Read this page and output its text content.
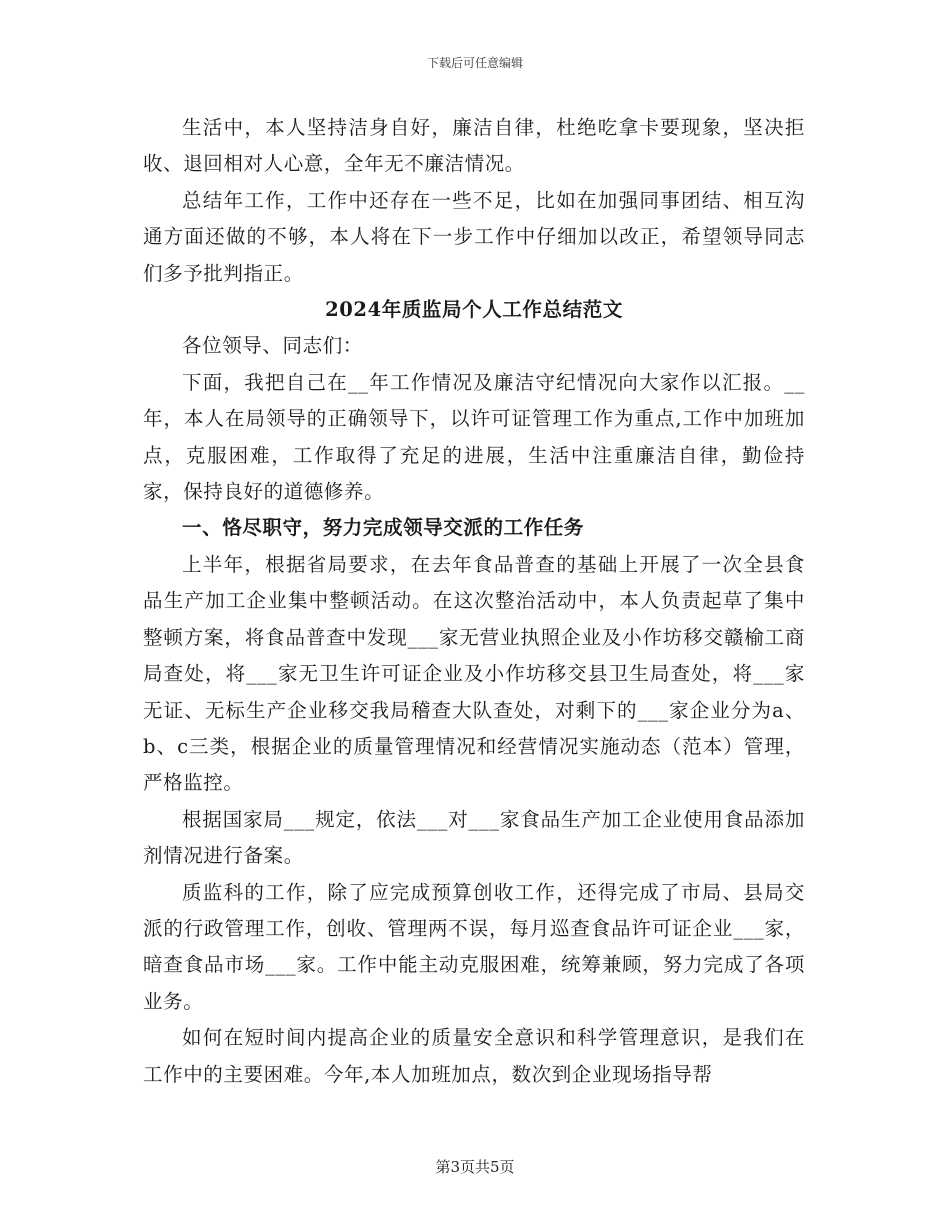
下载后可任意编辑

生活中，本人坚持洁身自好，廉洁自律，杜绝吃拿卡要现象，坚决拒收、退回相对人心意，全年无不廉洁情况。

总结年工作，工作中还存在一些不足，比如在加强同事团结、相互沟通方面还做的不够，本人将在下一步工作中仔细加以改正，希望领导同志们多予批判指正。

2024年质监局个人工作总结范文

各位领导、同志们：

下面，我把自己在__年工作情况及廉洁守纪情况向大家作以汇报。__年，本人在局领导的正确领导下，以许可证管理工作为重点,工作中加班加点，克服困难，工作取得了充足的进展，生活中注重廉洁自律，勤俭持家，保持良好的道德修养。

一、恪尽职守，努力完成领导交派的工作任务

上半年，根据省局要求，在去年食品普查的基础上开展了一次全县食品生产加工企业集中整顿活动。在这次整治活动中，本人负责起草了集中整顿方案，将食品普查中发现___家无营业执照企业及小作坊移交赣榆工商局查处，将___家无卫生许可证企业及小作坊移交县卫生局查处，将___家无证、无标生产企业移交我局稽查大队查处，对剩下的___家企业分为a、b、c三类，根据企业的质量管理情况和经营情况实施动态（范本）管理，严格监控。

根据国家局___规定，依法___对___家食品生产加工企业使用食品添加剂情况进行备案。

质监科的工作，除了应完成预算创收工作，还得完成了市局、县局交派的行政管理工作，创收、管理两不误，每月巡查食品许可证企业___家，暗查食品市场___家。工作中能主动克服困难，统筹兼顾，努力完成了各项业务。

如何在短时间内提高企业的质量安全意识和科学管理意识，是我们在工作中的主要困难。今年,本人加班加点，数次到企业现场指导帮

第3页共5页
